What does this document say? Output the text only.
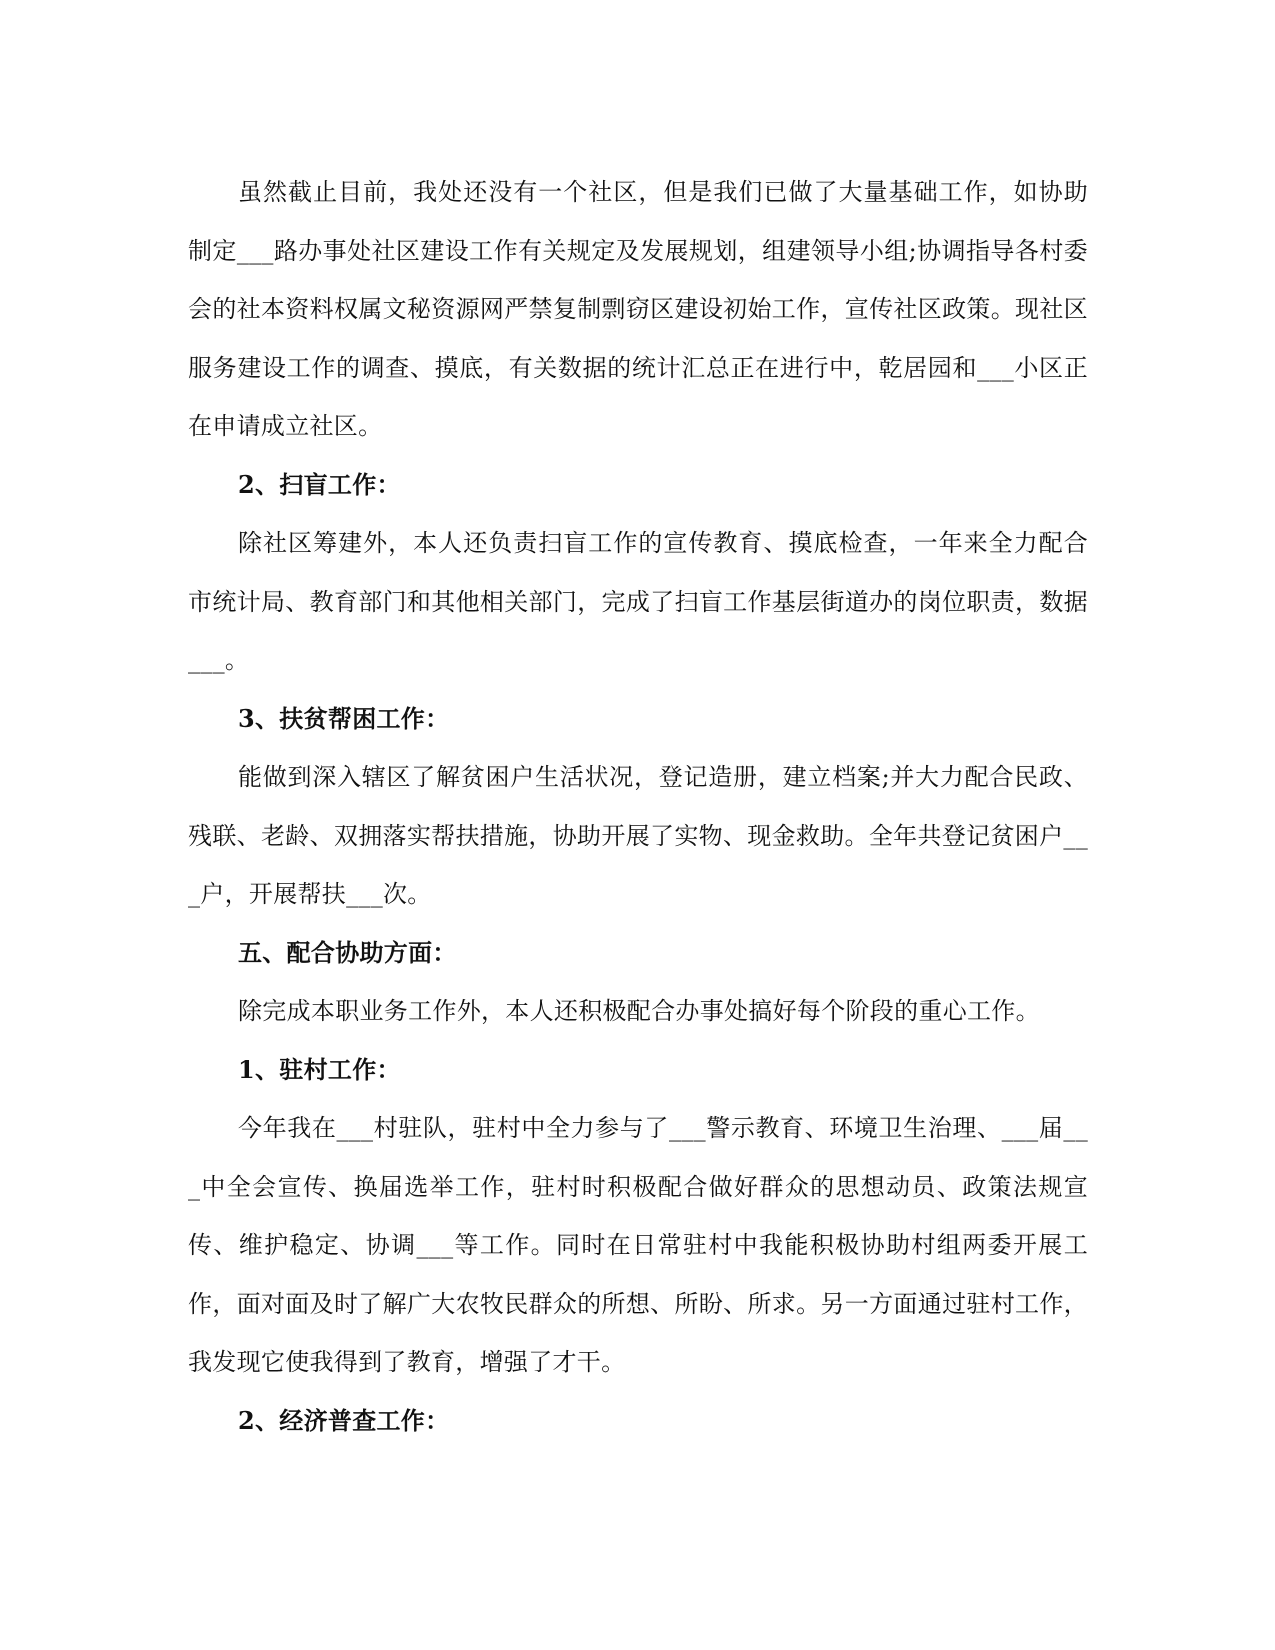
虽然截止目前，我处还没有一个社区，但是我们已做了大量基础工作，如协助制定___路办事处社区建设工作有关规定及发展规划，组建领导小组;协调指导各村委会的社本资料权属文秘资源网严禁复制剽窃区建设初始工作，宣传社区政策。现社区服务建设工作的调查、摸底，有关数据的统计汇总正在进行中，乾居园和___小区正在申请成立社区。

2、扫盲工作：

除社区筹建外，本人还负责扫盲工作的宣传教育、摸底检查，一年来全力配合市统计局、教育部门和其他相关部门，完成了扫盲工作基层街道办的岗位职责，数据___。

3、扶贫帮困工作：

能做到深入辖区了解贫困户生活状况，登记造册，建立档案;并大力配合民政、残联、老龄、双拥落实帮扶措施，协助开展了实物、现金救助。全年共登记贫困户___户，开展帮扶___次。

五、配合协助方面：

除完成本职业务工作外，本人还积极配合办事处搞好每个阶段的重心工作。

1、驻村工作：

今年我在___村驻队，驻村中全力参与了___警示教育、环境卫生治理、___届___中全会宣传、换届选举工作，驻村时积极配合做好群众的思想动员、政策法规宣传、维护稳定、协调___等工作。同时在日常驻村中我能积极协助村组两委开展工作，面对面及时了解广大农牧民群众的所想、所盼、所求。另一方面通过驻村工作，我发现它使我得到了教育，增强了才干。

2、经济普查工作：
